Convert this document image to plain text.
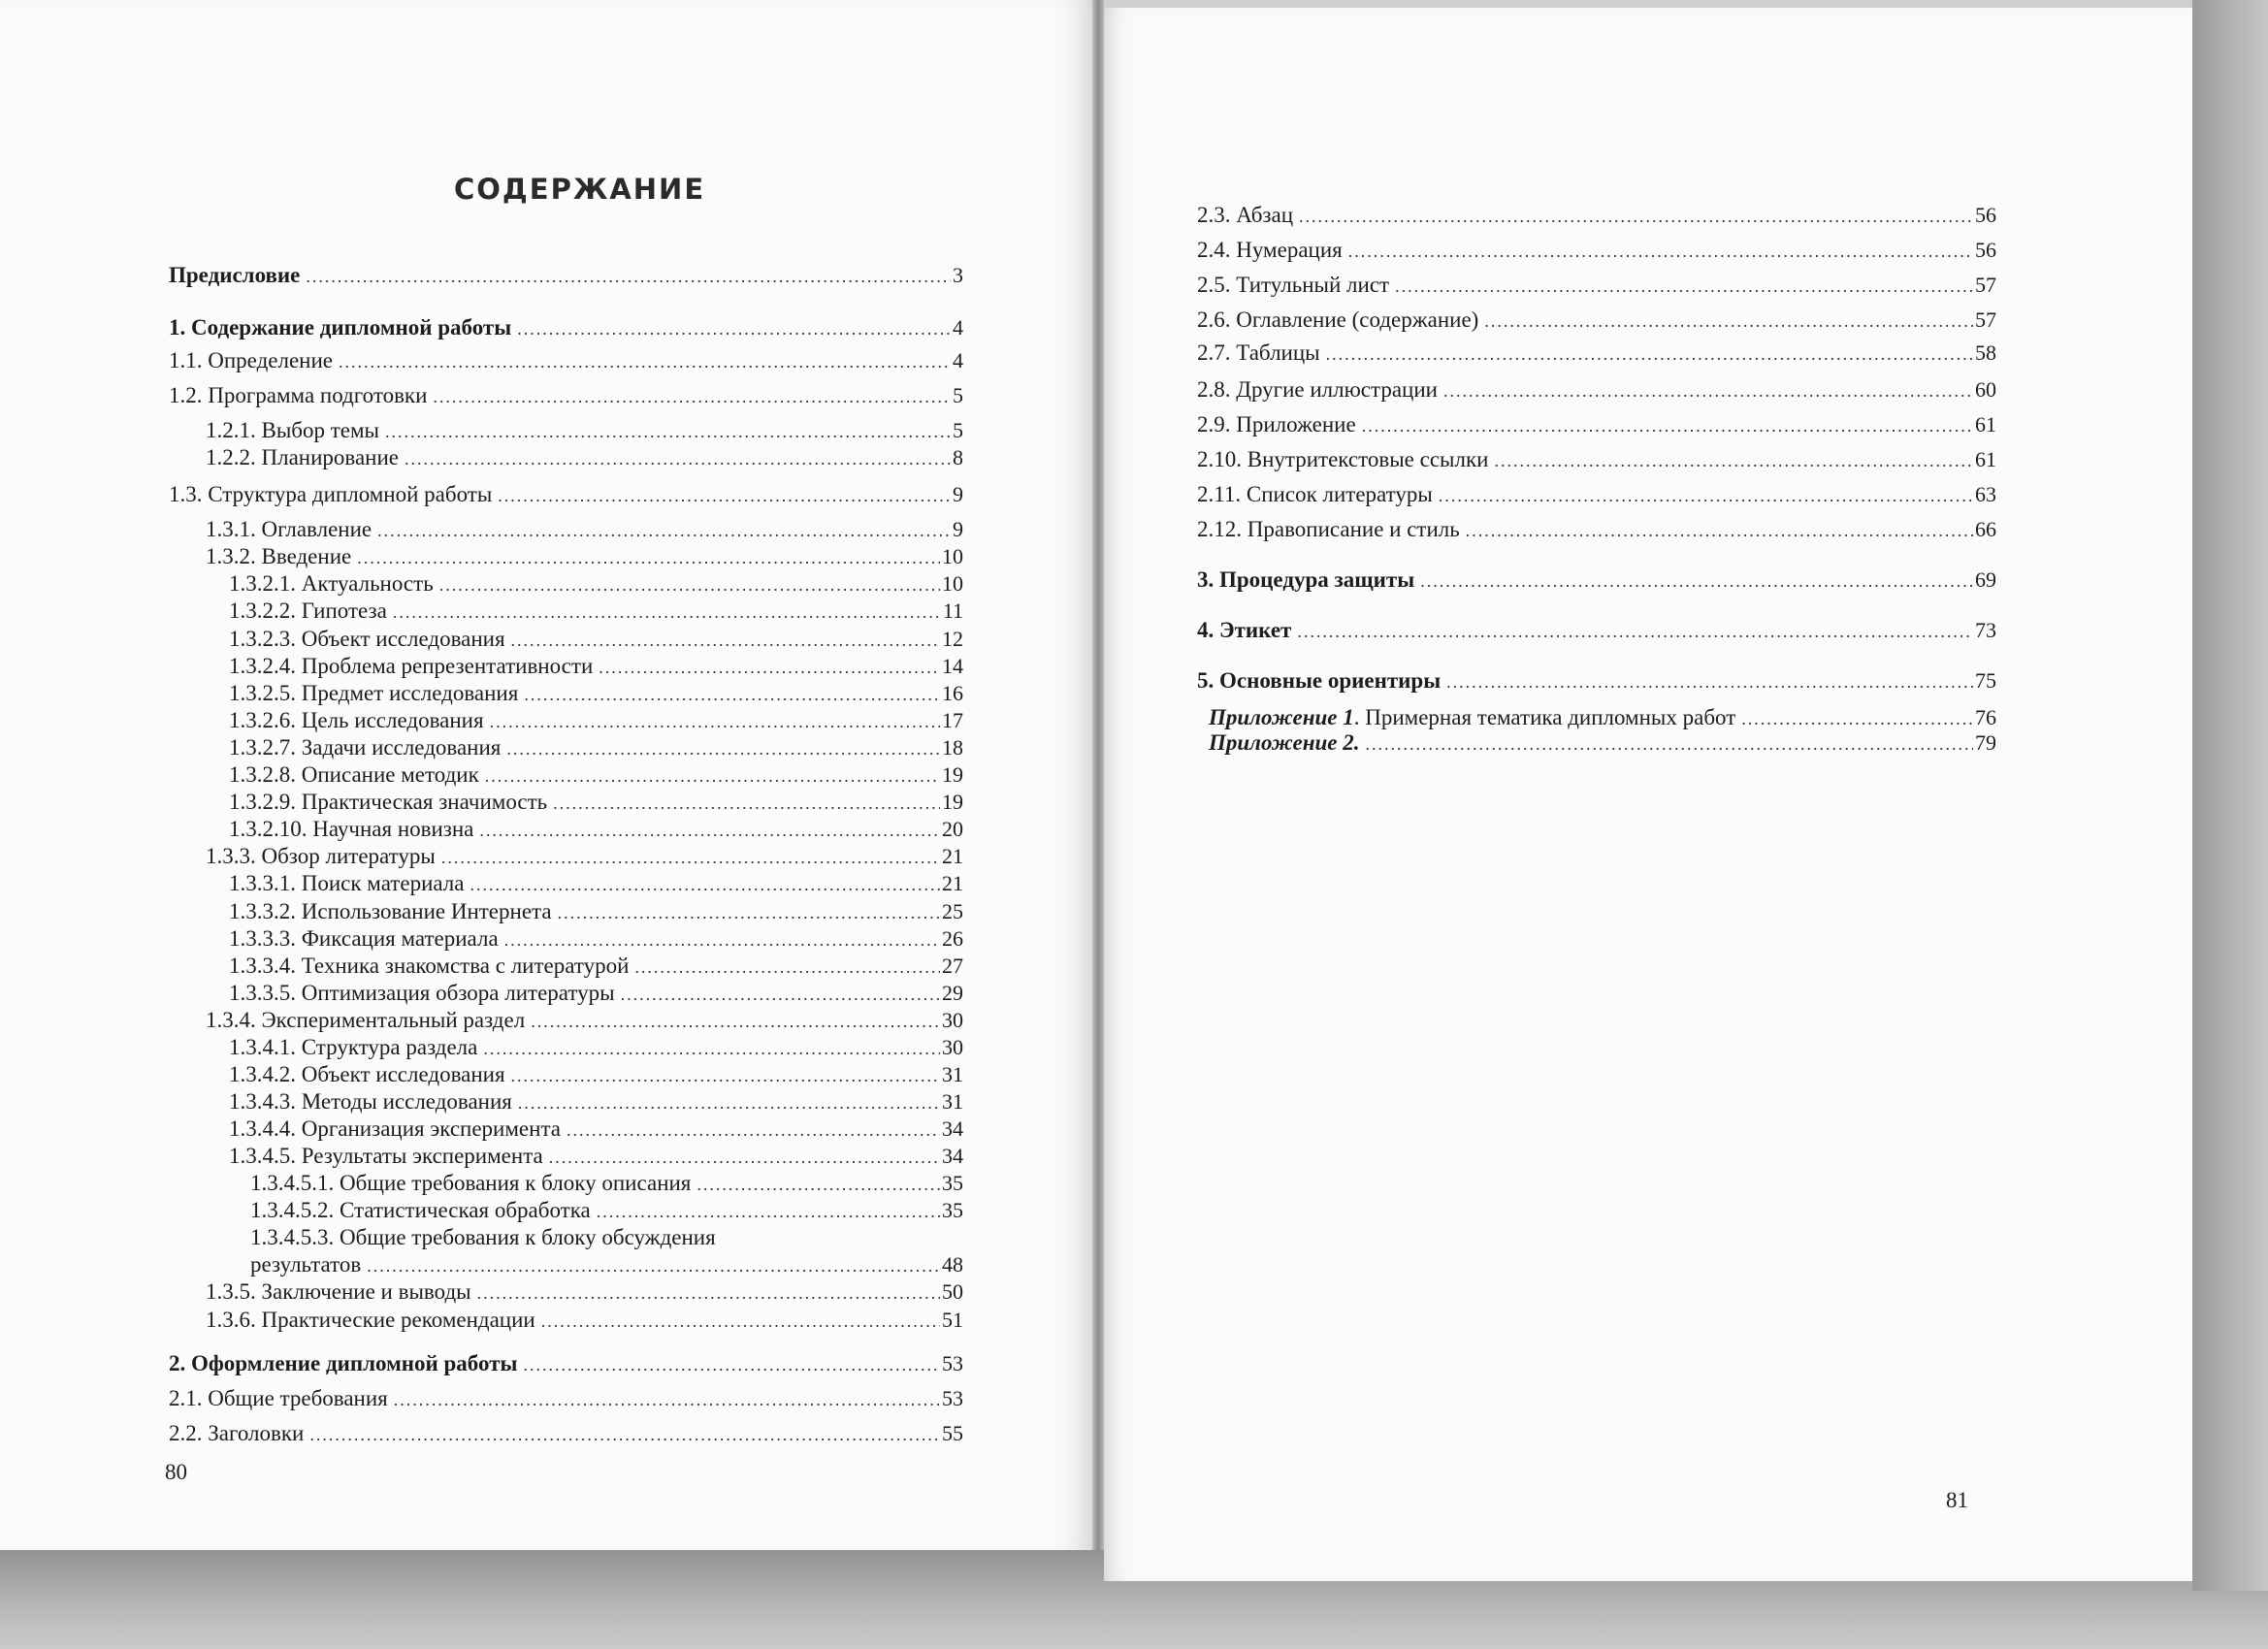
СОДЕРЖАНИЕ
Предисловие .....	3
1. Содержание дипломной работы .....	4
1.1. Определение .....	4
1.2. Программа подготовки .....	5
1.2.1. Выбор темы .....	5
1.2.2. Планирование .....	8
1.3. Структура дипломной работы .....	9
1.3.1. Оглавление .....	9
1.3.2. Введение .....	10
1.3.2.1. Актуальность .....	10
1.3.2.2. Гипотеза .....	11
1.3.2.3. Объект исследования .....	12
1.3.2.4. Проблема репрезентативности .....	14
1.3.2.5. Предмет исследования .....	16
1.3.2.6. Цель исследования .....	17
1.3.2.7. Задачи исследования .....	18
1.3.2.8. Описание методик .....	19
1.3.2.9. Практическая значимость .....	19
1.3.2.10. Научная новизна .....	20
1.3.3. Обзор литературы .....	21
1.3.3.1. Поиск материала .....	21
1.3.3.2. Использование Интернета .....	25
1.3.3.3. Фиксация материала .....	26
1.3.3.4. Техника знакомства с литературой .....	27
1.3.3.5. Оптимизация обзора литературы .....	29
1.3.4. Экспериментальный раздел .....	30
1.3.4.1. Структура раздела .....	30
1.3.4.2. Объект исследования .....	31
1.3.4.3. Методы исследования .....	31
1.3.4.4. Организация эксперимента .....	34
1.3.4.5. Результаты эксперимента .....	34
1.3.4.5.1. Общие требования к блоку описания .....	35
1.3.4.5.2. Статистическая обработка .....	35
1.3.4.5.3. Общие требования к блоку обсуждения
результатов .....	48
1.3.5. Заключение и выводы .....	50
1.3.6. Практические рекомендации .....	51
2. Оформление дипломной работы .....	53
2.1. Общие требования .....	53
2.2. Заголовки .....	55
80
2.3. Абзац .....	56
2.4. Нумерация .....	56
2.5. Титульный лист .....	57
2.6. Оглавление (содержание) .....	57
2.7. Таблицы .....	58
2.8. Другие иллюстрации .....	60
2.9. Приложение .....	61
2.10. Внутритекстовые ссылки .....	61
2.11. Список литературы .....	63
2.12. Правописание и стиль .....	66
3. Процедура защиты .....	69
4. Этикет .....	73
5. Основные ориентиры .....	75
Приложение 1. Примерная тематика дипломных работ .....	76
Приложение 2. .....	79
81
